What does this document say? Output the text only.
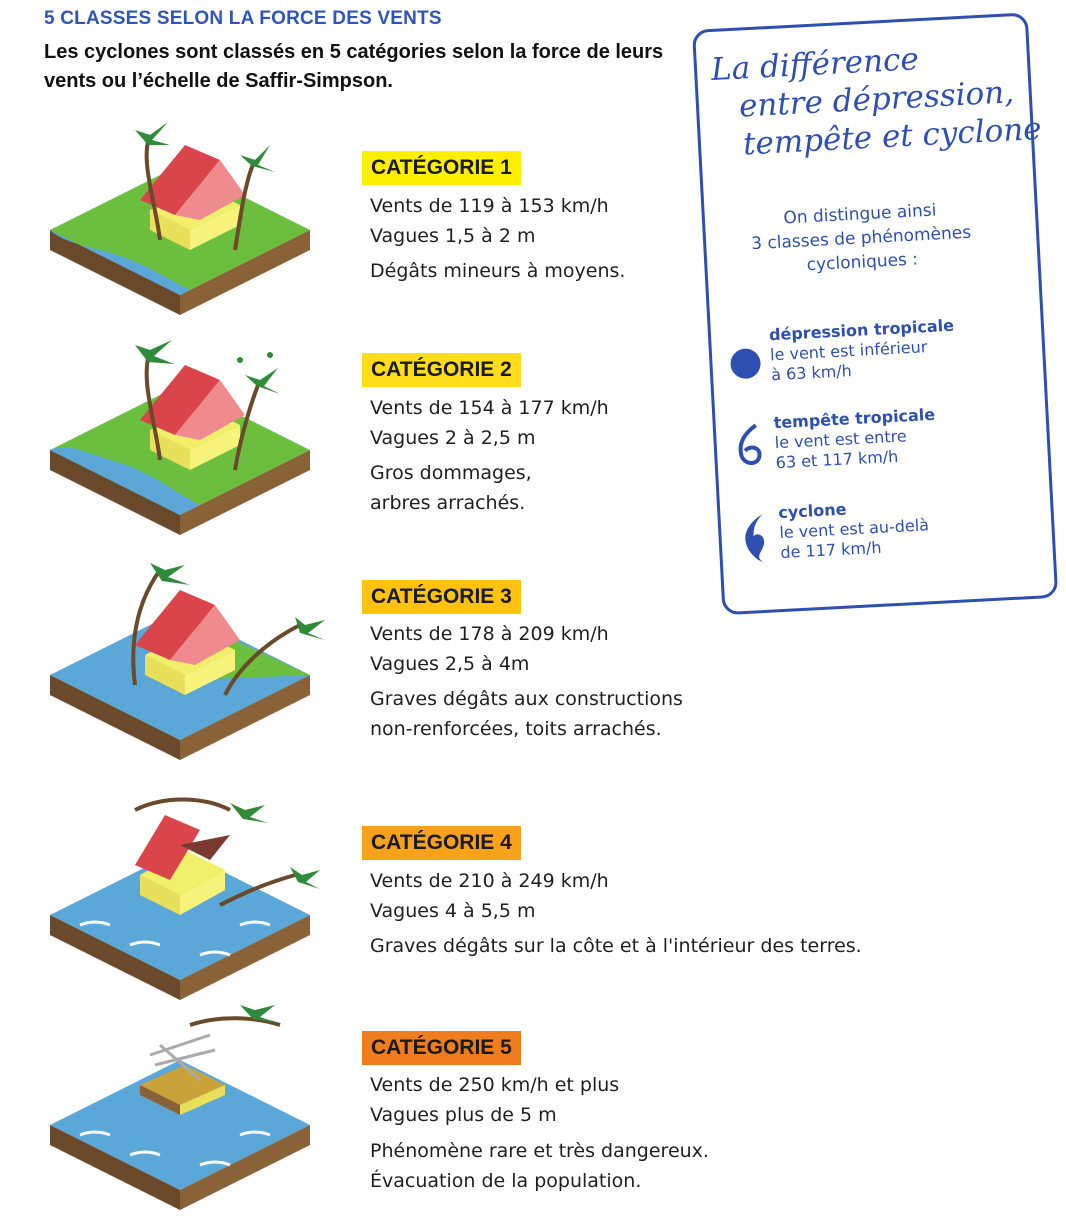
5 CLASSES SELON LA FORCE DES VENTS
Les cyclones sont classés en 5 catégories selon la force de leurs vents ou l’échelle de Saffir-Simpson.
CATÉGORIE 1
Vents de 119 à 153 km/h
Vagues 1,5 à 2 m
Dégâts mineurs à moyens.
CATÉGORIE 2
Vents de 154 à 177 km/h
Vagues 2 à 2,5 m
Gros dommages,
arbres arrachés.
CATÉGORIE 3
Vents de 178 à 209 km/h
Vagues 2,5 à 4m
Graves dégâts aux constructions
non-renforcées, toits arrachés.
CATÉGORIE 4
Vents de 210 à 249 km/h
Vagues 4 à 5,5 m
Graves dégâts sur la côte et à l'intérieur des terres.
CATÉGORIE 5
Vents de 250 km/h et plus
Vagues plus de 5 m
Phénomène rare et très dangereux.
Évacuation de la population.
La différence
entre dépression,
tempête et cyclone
On distingue ainsi
3 classes de phénomènes
cycloniques :
dépression tropicale
le vent est inférieur
à 63 km/h
tempête tropicale
le vent est entre
63 et 117 km/h
cyclone
le vent est au-delà
de 117 km/h
